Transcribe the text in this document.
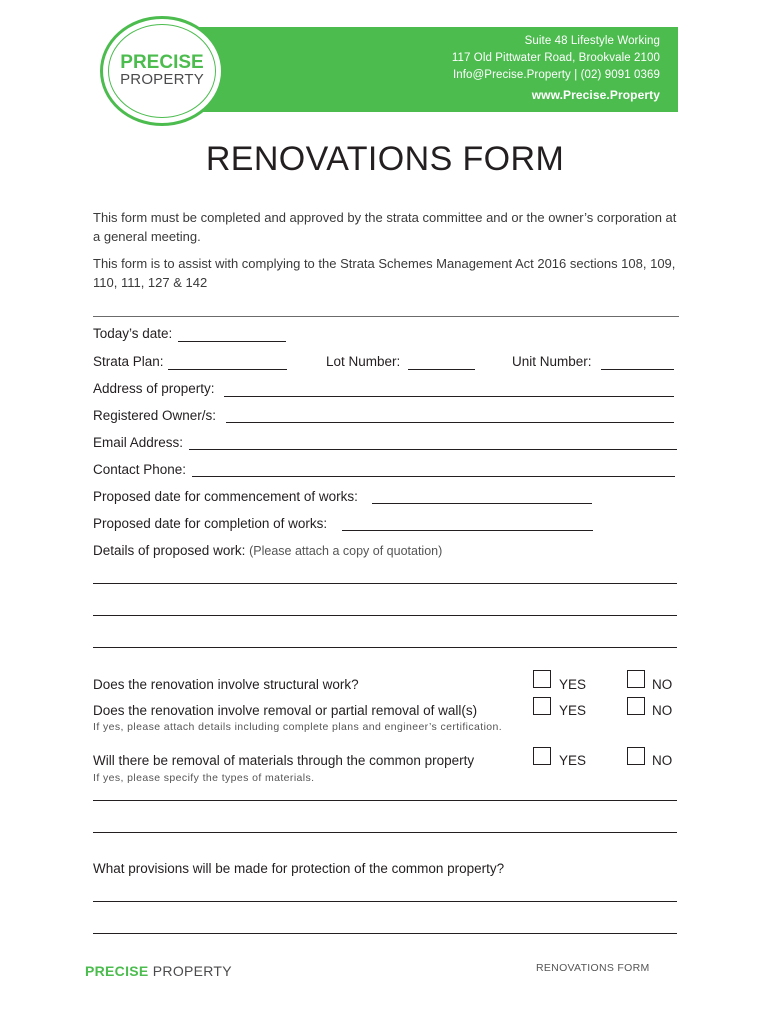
Suite 48 Lifestyle Working
117 Old Pittwater Road, Brookvale 2100
Info@Precise.Property | (02) 9091 0369
www.Precise.Property
PRECISE
PROPERTY
RENOVATIONS FORM
This form must be completed and approved by the strata committee and or the owner’s corporation at a general meeting.
This form is to assist with complying to the Strata Schemes Management Act 2016 sections 108, 109, 110, 111, 127 & 142
Today’s date:
Strata Plan:	Lot Number:	Unit Number:
Address of property:
Registered Owner/s:
Email Address:
Contact Phone:
Proposed date for commencement of works:
Proposed date for completion of works:
Details of proposed work: (Please attach a copy of quotation)
Does the renovation involve structural work?	YES	NO
Does the renovation involve removal or partial removal of wall(s)
If yes, please attach details including complete plans and engineer’s certification.
YES	NO
Will there be removal of materials through the common property
If yes, please specify the types of materials.
YES	NO
What provisions will be made for protection of the common property?
PRECISE PROPERTY	RENOVATIONS FORM
